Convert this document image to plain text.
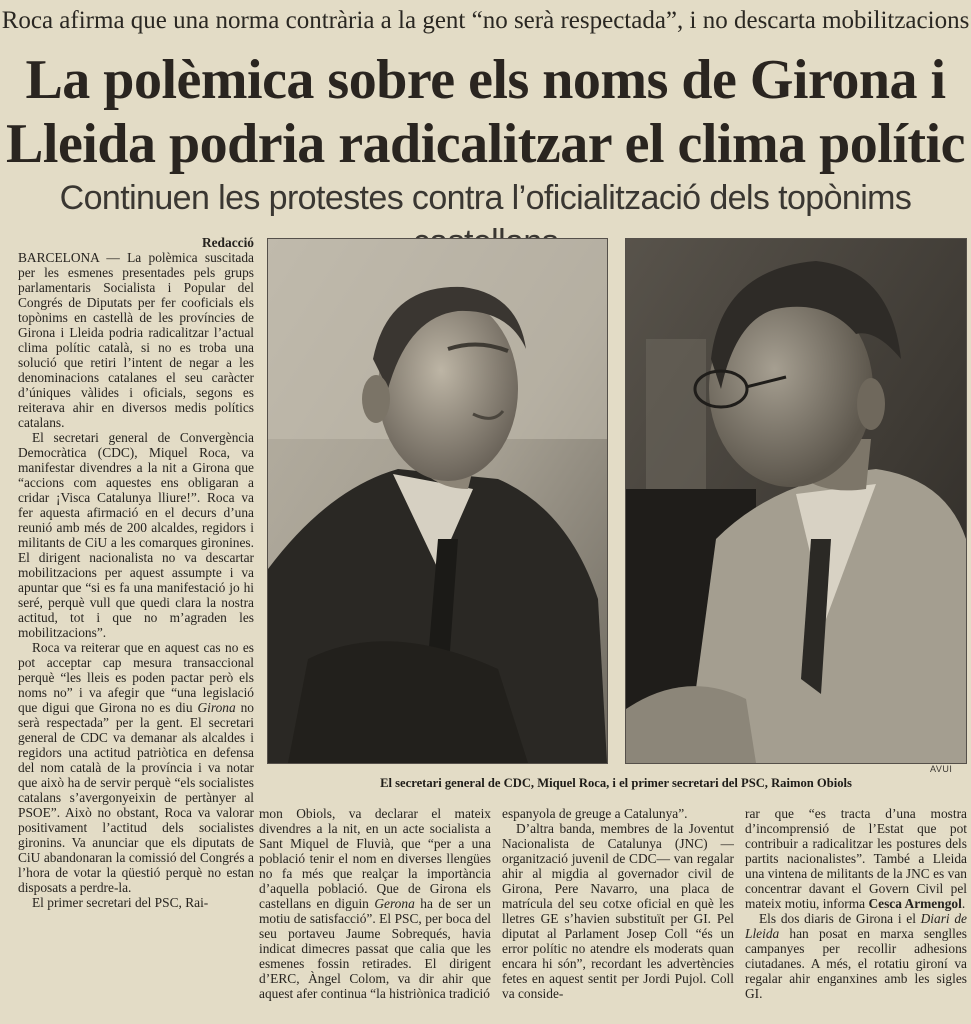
Roca afirma que una norma contrària a la gent “no serà respectada”, i no descarta mobilitzacions
La polèmica sobre els noms de Girona i
Lleida podria radicalitzar el clima polític
Continuen les protestes contra l’oficialització dels topònims
Redacció

BARCELONA — La polèmica suscitada per les esmenes presentades pels grups parlamentaris Socialista i Popular del Congrés de Diputats per fer cooficials els topònims en castellà de les províncies de Girona i Lleida podria radicalitzar l’actual clima polític català, si no es troba una solució que retiri l’intent de negar a les denominacions catalanes el seu caràcter d’úniques vàlides i oficials, segons es reiterava ahir en diversos medis polítics catalans.

El secretari general de Convergència Democràtica (CDC), Miquel Roca, va manifestar divendres a la nit a Girona que “accions com aquestes ens obligaran a cridar ¡Visca Catalunya lliure!”. Roca va fer aquesta afirmació en el decurs d’una reunió amb més de 200 alcaldes, regidors i militants de CiU a les comarques gironines. El dirigent nacionalista no va descartar mobilitzacions per aquest assumpte i va apuntar que “si es fa una manifestació jo hi seré, perquè vull que quedi clara la nostra actitud, tot i que no m’agraden les mobilitzacions”.

Roca va reiterar que en aquest cas no es pot acceptar cap mesura transaccional perquè “les lleis es poden pactar però els noms no” i va afegir que “una legislació que digui que Girona no es diu Girona no serà respectada” per la gent. El secretari general de CDC va demanar als alcaldes i regidors una actitud patriòtica en defensa del nom català de la província i va notar que això ha de servir perquè “els socialistes catalans s’avergonyeixin de pertànyer al PSOE”. Això no obstant, Roca va valorar positivament l’actitud dels socialistes gironins. Va anunciar que els diputats de CiU abandonaran la comissió del Congrés a l’hora de votar la qüestió perquè no estan disposats a perdre-la.

El primer secretari del PSC, Rai-

AVUI
El secretari general de CDC, Miquel Roca, i el primer secretari del PSC, Raimon Obiols

mon Obiols, va declarar el mateix divendres a la nit, en un acte socialista a Sant Miquel de Fluvià, que “per a una població tenir el nom en diverses llengües no fa més que realçar la importància d’aquella població. Que de Girona els castellans en diguin Gerona ha de ser un motiu de satisfacció”. El PSC, per boca del seu portaveu Jaume Sobrequés, havia indicat dimecres passat que calia que les esmenes fossin retirades. El dirigent d’ERC, Àngel Colom, va dir ahir que aquest afer continua “la histriònica tradició

espanyola de greuge a Catalunya”.

D’altra banda, membres de la Joventut Nacionalista de Catalunya (JNC) —organització juvenil de CDC— van regalar ahir al migdia al governador civil de Girona, Pere Navarro, una placa de matrícula del seu cotxe oficial en què les lletres GE s’havien substituït per GI. Pel diputat al Parlament Josep Coll “és un error polític no atendre els moderats quan encara hi són”, recordant les advertències fetes en aquest sentit per Jordi Pujol. Coll va conside-

rar que “es tracta d’una mostra d’incomprensió de l’Estat que pot contribuir a radicalitzar les postures dels partits nacionalistes”. També a Lleida una vintena de militants de la JNC es van concentrar davant el Govern Civil pel mateix motiu, informa Cesca Armengol.

Els dos diaris de Girona i el Diari de Lleida han posat en marxa senglles campanyes per recollir adhesions ciutadanes. A més, el rotatiu gironí va regalar ahir enganxines amb les sigles GI.
